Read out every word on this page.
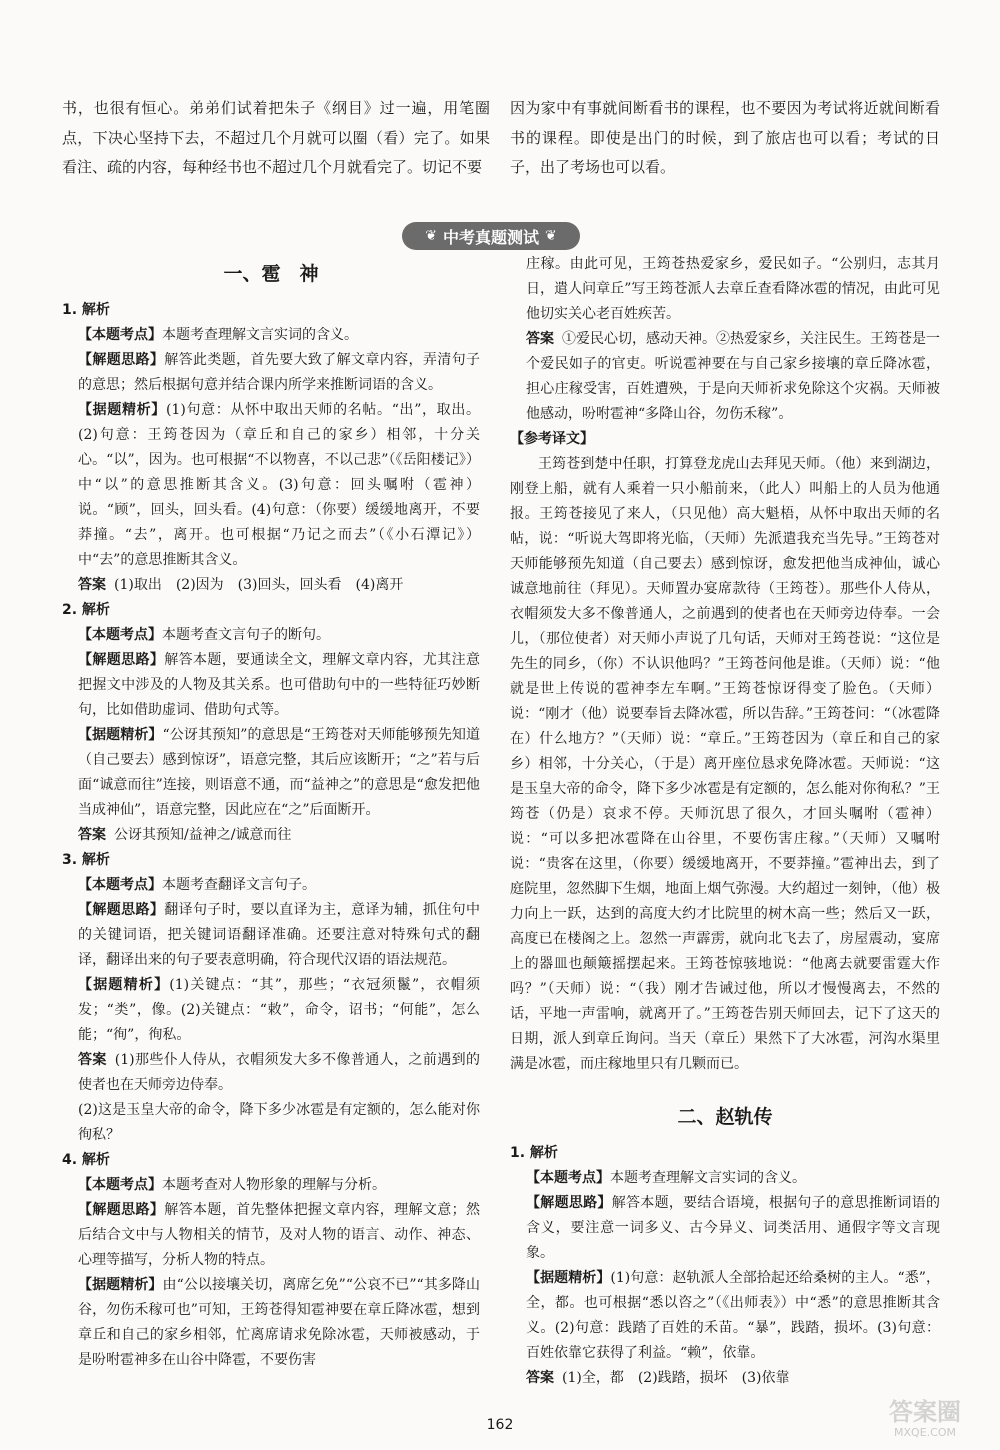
书，也很有恒心。弟弟们试着把朱子《纲目》过一遍，用笔圈点，下决心坚持下去，不超过几个月就可以圈（看）完了。如果看注、疏的内容，每种经书也不超过几个月就看完了。切记不要

因为家中有事就间断看书的课程，也不要因为考试将近就间断看书的课程。即使是出门的时候，到了旅店也可以看；考试的日子，出了考场也可以看。

❦ 中考真题测试 ❦

一、雹　神

1. 解析

【本题考点】本题考查理解文言实词的含义。

【解题思路】解答此类题，首先要大致了解文章内容，弄清句子的意思；然后根据句意并结合课内所学来推断词语的含义。

【据题精析】(1)句意：从怀中取出天师的名帖。“出”，取出。(2)句意：王筠苍因为（章丘和自己的家乡）相邻，十分关心。“以”，因为。也可根据“不以物喜，不以己悲”（《岳阳楼记》）中“以”的意思推断其含义。(3)句意：回头嘱咐（雹神）说。“顾”，回头，回头看。(4)句意：（你要）缓缓地离开，不要莽撞。“去”，离开。也可根据“乃记之而去”（《小石潭记》）中“去”的意思推断其含义。

答案 (1)取出　(2)因为　(3)回头，回头看　(4)离开

2. 解析

【本题考点】本题考查文言句子的断句。

【解题思路】解答本题，要通读全文，理解文章内容，尤其注意把握文中涉及的人物及其关系。也可借助句中的一些特征巧妙断句，比如借助虚词、借助句式等。

【据题精析】“公讶其预知”的意思是“王筠苍对天师能够预先知道（自己要去）感到惊讶”，语意完整，其后应该断开；“之”若与后面“诚意而往”连接，则语意不通，而“益神之”的意思是“愈发把他当成神仙”，语意完整，因此应在“之”后面断开。

答案 公讶其预知/益神之/诚意而往

3. 解析

【本题考点】本题考查翻译文言句子。

【解题思路】翻译句子时，要以直译为主，意译为辅，抓住句中的关键词语，把关键词语翻译准确。还要注意对特殊句式的翻译，翻译出来的句子要表意明确，符合现代汉语的语法规范。

【据题精析】(1)关键点：“其”，那些；“衣冠须鬣”，衣帽须发；“类”，像。(2)关键点：“敕”，命令，诏书；“何能”，怎么能；“徇”，徇私。

答案 (1)那些仆人侍从，衣帽须发大多不像普通人，之前遇到的使者也在天师旁边侍奉。

(2)这是玉皇大帝的命令，降下多少冰雹是有定额的，怎么能对你徇私？

4. 解析

【本题考点】本题考查对人物形象的理解与分析。

【解题思路】解答本题，首先整体把握文章内容，理解文意；然后结合文中与人物相关的情节，及对人物的语言、动作、神态、心理等描写，分析人物的特点。

【据题精析】由“公以接壤关切，离席乞免”“公哀不已”“其多降山谷，勿伤禾稼可也”可知，王筠苍得知雹神要在章丘降冰雹，想到章丘和自己的家乡相邻，忙离席请求免除冰雹，天师被感动，于是吩咐雹神多在山谷中降雹，不要伤害

庄稼。由此可见，王筠苍热爱家乡，爱民如子。“公别归，志其月日，遣人问章丘”写王筠苍派人去章丘查看降冰雹的情况，由此可见他切实关心老百姓疾苦。

答案 ①爱民心切，感动天神。②热爱家乡，关注民生。王筠苍是一个爱民如子的官吏。听说雹神要在与自己家乡接壤的章丘降冰雹，担心庄稼受害，百姓遭殃，于是向天师祈求免除这个灾祸。天师被他感动，吩咐雹神“多降山谷，勿伤禾稼”。

【参考译文】

王筠苍到楚中任职，打算登龙虎山去拜见天师。（他）来到湖边，刚登上船，就有人乘着一只小船前来，（此人）叫船上的人员为他通报。王筠苍接见了来人，（只见他）高大魁梧，从怀中取出天师的名帖，说：“听说大驾即将光临，（天师）先派遣我充当先导。”王筠苍对天师能够预先知道（自己要去）感到惊讶，愈发把他当成神仙，诚心诚意地前往（拜见）。天师置办宴席款待（王筠苍）。那些仆人侍从，衣帽须发大多不像普通人，之前遇到的使者也在天师旁边侍奉。一会儿，（那位使者）对天师小声说了几句话，天师对王筠苍说：“这位是先生的同乡，（你）不认识他吗？”王筠苍问他是谁。（天师）说：“他就是世上传说的雹神李左车啊。”王筠苍惊讶得变了脸色。（天师）说：“刚才（他）说要奉旨去降冰雹，所以告辞。”王筠苍问：“（冰雹降在）什么地方？”（天师）说：“章丘。”王筠苍因为（章丘和自己的家乡）相邻，十分关心，（于是）离开座位恳求免降冰雹。天师说：“这是玉皇大帝的命令，降下多少冰雹是有定额的，怎么能对你徇私？”王筠苍（仍是）哀求不停。天师沉思了很久，才回头嘱咐（雹神）说：“可以多把冰雹降在山谷里，不要伤害庄稼。”（天师）又嘱咐说：“贵客在这里，（你要）缓缓地离开，不要莽撞。”雹神出去，到了庭院里，忽然脚下生烟，地面上烟气弥漫。大约超过一刻钟，（他）极力向上一跃，达到的高度大约才比院里的树木高一些；然后又一跃，高度已在楼阁之上。忽然一声霹雳，就向北飞去了，房屋震动，宴席上的器皿也颠簸摇摆起来。王筠苍惊骇地说：“他离去就要雷霆大作吗？”（天师）说：“（我）刚才告诫过他，所以才慢慢离去，不然的话，平地一声雷响，就离开了。”王筠苍告别天师回去，记下了这天的日期，派人到章丘询问。当天（章丘）果然下了大冰雹，河沟水渠里满是冰雹，而庄稼地里只有几颗而已。

二、赵轨传

1. 解析

【本题考点】本题考查理解文言实词的含义。

【解题思路】解答本题，要结合语境，根据句子的意思推断词语的含义，要注意一词多义、古今异义、词类活用、通假字等文言现象。

【据题精析】(1)句意：赵轨派人全部拾起还给桑树的主人。“悉”，全，都。也可根据“悉以咨之”（《出师表》）中“悉”的意思推断其含义。(2)句意：践踏了百姓的禾苗。“暴”，践踏，损坏。(3)句意：百姓依靠它获得了利益。“赖”，依靠。

答案 (1)全，都　(2)践踏，损坏　(3)依靠

162	答案圈
MXQE.COM
